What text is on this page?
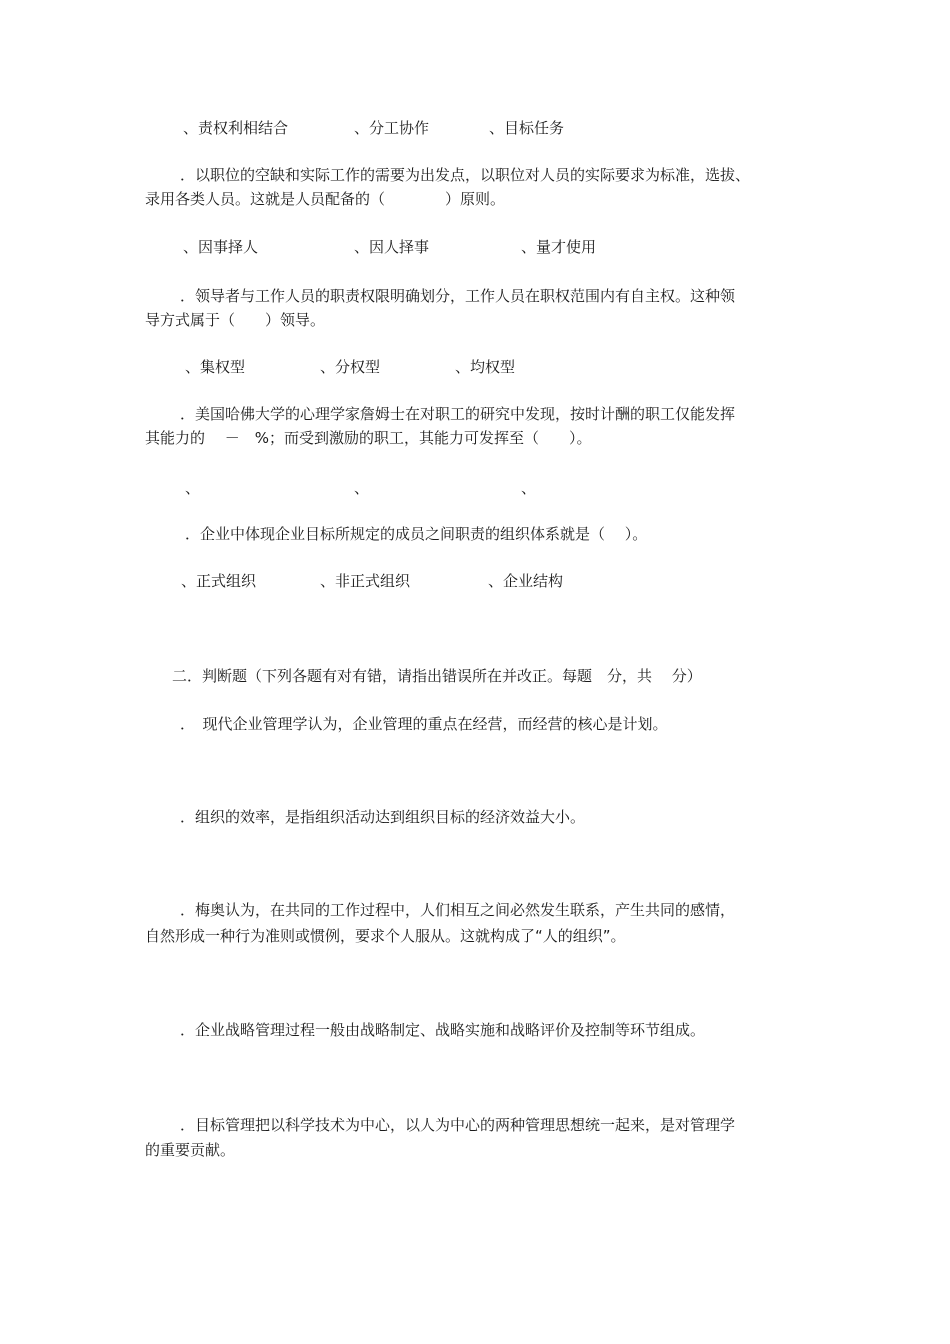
、责权利相结合	、分工协作	、目标任务
．以职位的空缺和实际工作的需要为出发点，以职位对人员的实际要求为标准，选拔、
录用各类人员。这就是人员配备的（　　　　）原则。
、因事择人	、因人择事	、量才使用
．领导者与工作人员的职责权限明确划分，工作人员在职权范围内有自主权。这种领
导方式属于（　　）领导。
、集权型	、分权型	、均权型
．美国哈佛大学的心理学家詹姆士在对职工的研究中发现，按时计酬的职工仅能发挥
其能力的　 －　%；而受到激励的职工，其能力可发挥至（　　）。
、	、	、
．企业中体现企业目标所规定的成员之间职责的组织体系就是（　 ）。
、正式组织	、非正式组织	、企业结构
二．判断题（下列各题有对有错，请指出错误所在并改正。每题　分，共　 分）
．　现代企业管理学认为，企业管理的重点在经营，而经营的核心是计划。
．组织的效率，是指组织活动达到组织目标的经济效益大小。
．梅奥认为，在共同的工作过程中，人们相互之间必然发生联系，产生共同的感情，
自然形成一种行为准则或惯例，要求个人服从。这就构成了“人的组织”。
．企业战略管理过程一般由战略制定、战略实施和战略评价及控制等环节组成。
．目标管理把以科学技术为中心，以人为中心的两种管理思想统一起来，是对管理学
的重要贡献。
